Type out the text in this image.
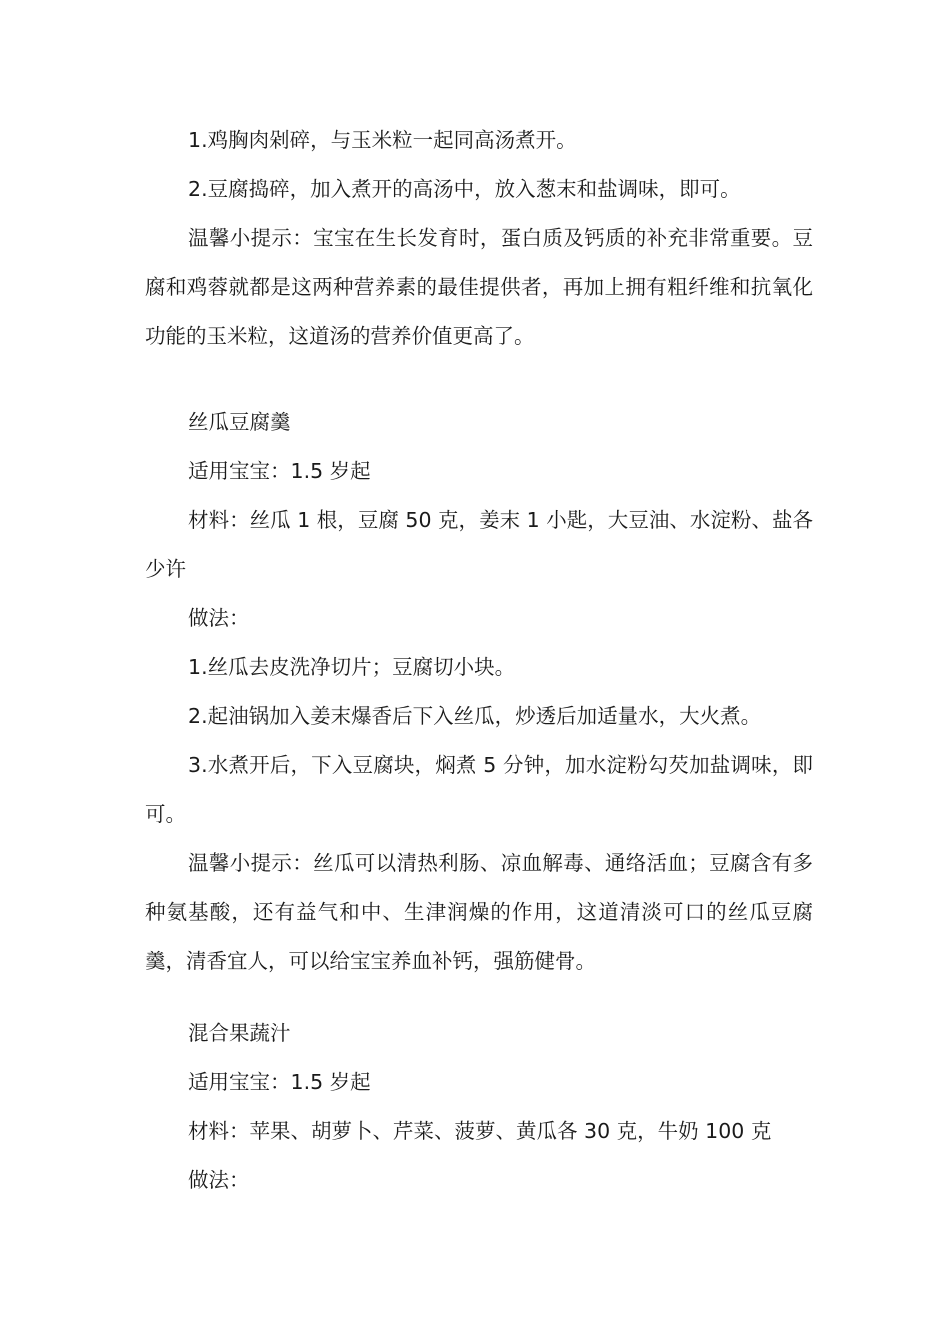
1.鸡胸肉剁碎，与玉米粒一起同高汤煮开。

2.豆腐捣碎，加入煮开的高汤中，放入葱末和盐调味，即可。

温馨小提示：宝宝在生长发育时，蛋白质及钙质的补充非常重要。豆腐和鸡蓉就都是这两种营养素的最佳提供者，再加上拥有粗纤维和抗氧化功能的玉米粒，这道汤的营养价值更高了。

丝瓜豆腐羹

适用宝宝：1.5 岁起

材料：丝瓜 1 根，豆腐 50 克，姜末 1 小匙，大豆油、水淀粉、盐各少许

做法：

1.丝瓜去皮洗净切片；豆腐切小块。

2.起油锅加入姜末爆香后下入丝瓜，炒透后加适量水，大火煮。

3.水煮开后，下入豆腐块，焖煮 5 分钟，加水淀粉勾芡加盐调味，即可。

温馨小提示：丝瓜可以清热利肠、凉血解毒、通络活血；豆腐含有多种氨基酸，还有益气和中、生津润燥的作用，这道清淡可口的丝瓜豆腐羹，清香宜人，可以给宝宝养血补钙，强筋健骨。

混合果蔬汁

适用宝宝：1.5 岁起

材料：苹果、胡萝卜、芹菜、菠萝、黄瓜各 30 克，牛奶 100 克

做法：
